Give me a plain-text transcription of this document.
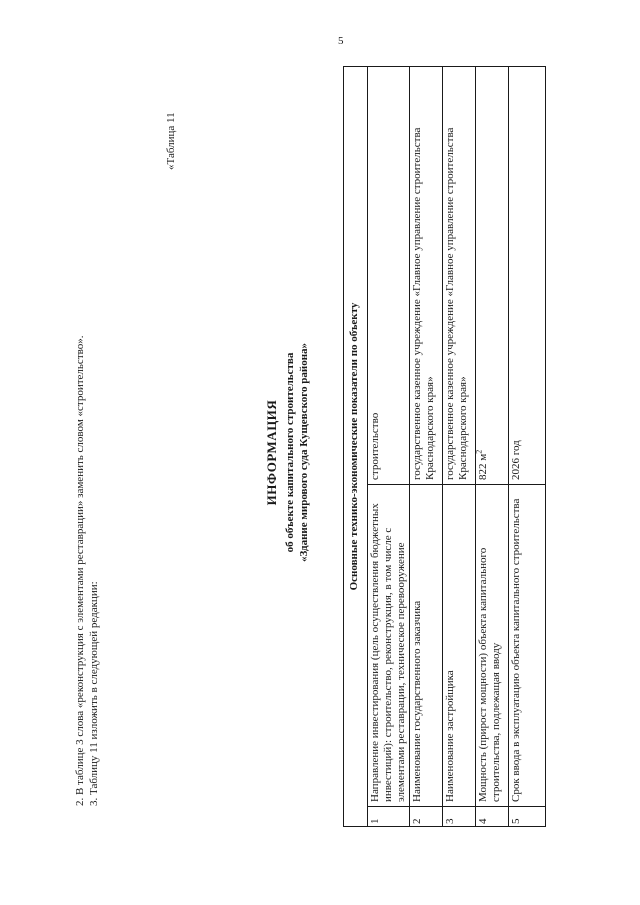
5
2. В таблице 3 слова «реконструкция с элементами реставрации» заменить словом «строительство». 3. Таблицу 11 изложить в следующей редакции:
«Таблица 11
ИНФОРМАЦИЯ об объекте капитального строительства «Здание мирового суда Кущевского района»	Основные технико-экономические показатели по объекту		
1	Направление инвестирования (цель осуществления бюджетных инвестиций): строительство, реконструкция, в том числе с элементами реставрации, техническое перевооружение	строительство
2	Наименование государственного заказчика	государственное казенное учреждение «Главное управление строительства Краснодарского края»
3	Наименование застройщика	государственное казенное учреждение «Главное управление строительства Краснодарского края»
4	Мощность (прирост мощности) объекта капитального строительства, подлежащая вводу	822 $м^2$
5	Срок ввода в эксплуатацию объекта капитального строительства	2026 год
